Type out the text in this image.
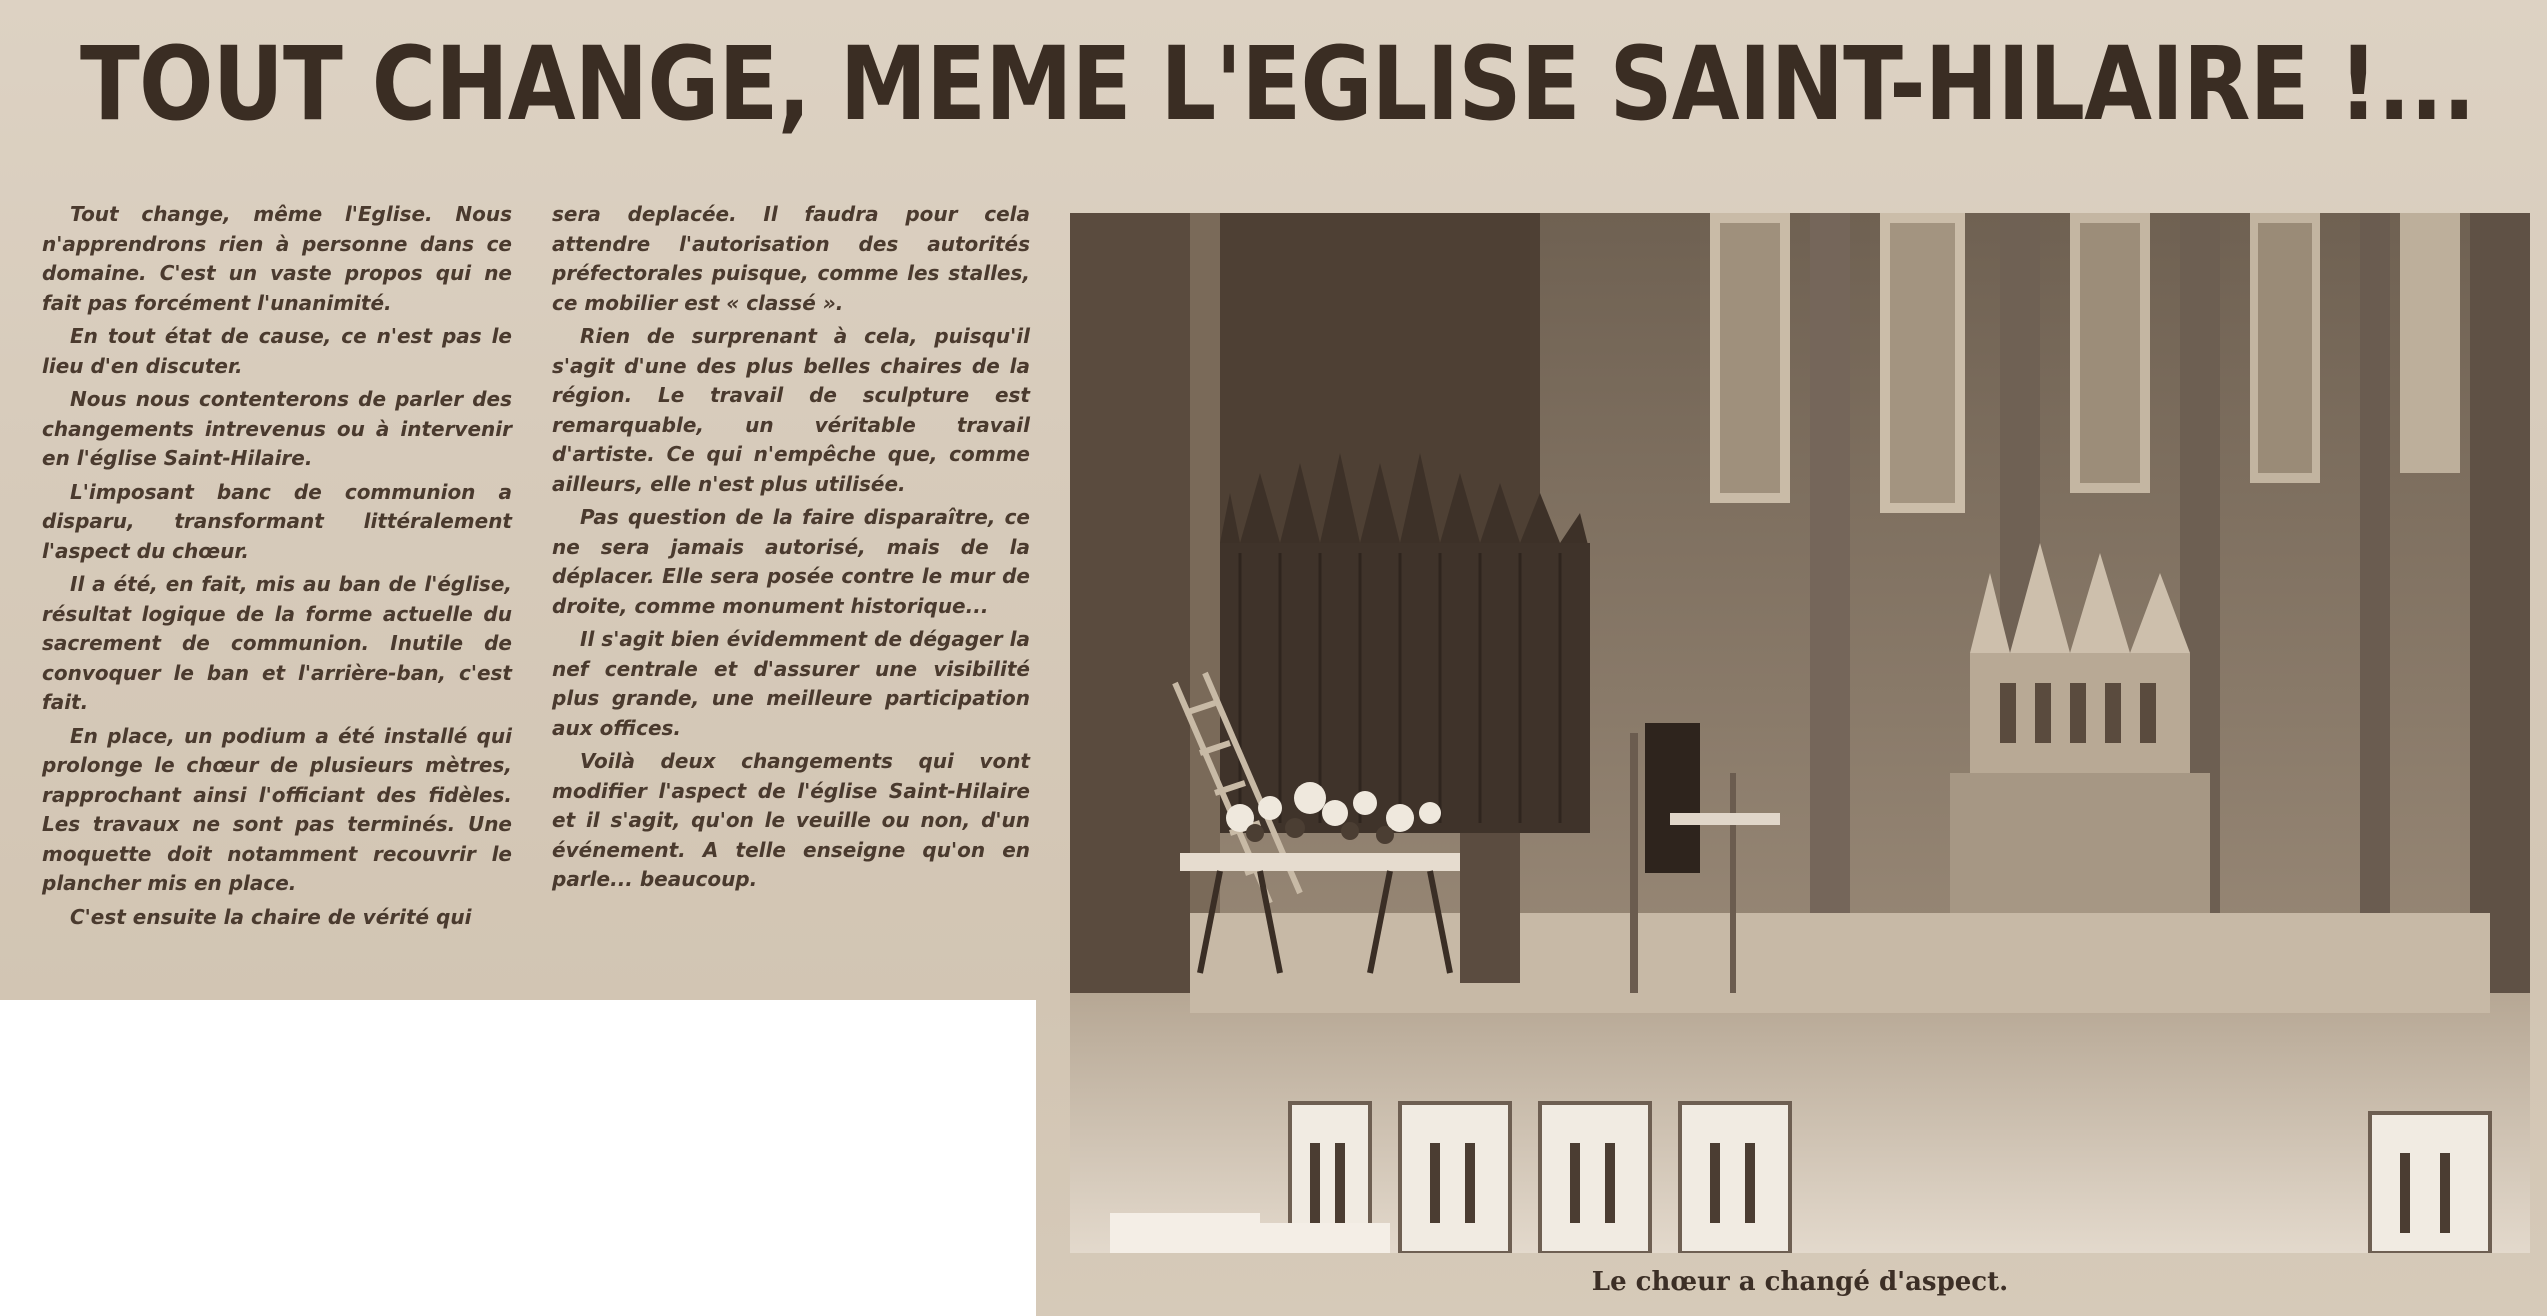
TOUT CHANGE, MEME L'EGLISE SAINT-HILAIRE !...

Tout change, même l'Eglise. Nous n'apprendrons rien à personne dans ce domaine. C'est un vaste propos qui ne fait pas forcément l'unanimité.

En tout état de cause, ce n'est pas le lieu d'en discuter.

Nous nous contenterons de parler des changements intrevenus ou à intervenir en l'église Saint-Hilaire.

L'imposant banc de communion a disparu, transformant littéralement l'aspect du chœur.

Il a été, en fait, mis au ban de l'église, résultat logique de la forme actuelle du sacrement de communion. Inutile de convoquer le ban et l'arrière-ban, c'est fait.

En place, un podium a été installé qui prolonge le chœur de plusieurs mètres, rapprochant ainsi l'officiant des fidèles. Les travaux ne sont pas terminés. Une moquette doit notamment recouvrir le plancher mis en place.

C'est ensuite la chaire de vérité qui

sera deplacée. Il faudra pour cela attendre l'autorisation des autorités préfectorales puisque, comme les stalles, ce mobilier est « classé ».

Rien de surprenant à cela, puisqu'il s'agit d'une des plus belles chaires de la région. Le travail de sculpture est remarquable, un véritable travail d'artiste. Ce qui n'empêche que, comme ailleurs, elle n'est plus utilisée.

Pas question de la faire disparaître, ce ne sera jamais autorisé, mais de la déplacer. Elle sera posée contre le mur de droite, comme monument historique...

Il s'agit bien évidemment de dégager la nef centrale et d'assurer une visibilité plus grande, une meilleure participation aux offices.

Voilà deux changements qui vont modifier l'aspect de l'église Saint-Hilaire et il s'agit, qu'on le veuille ou non, d'un événement. A telle enseigne qu'on en parle... beaucoup.

Le chœur a changé d'aspect.
